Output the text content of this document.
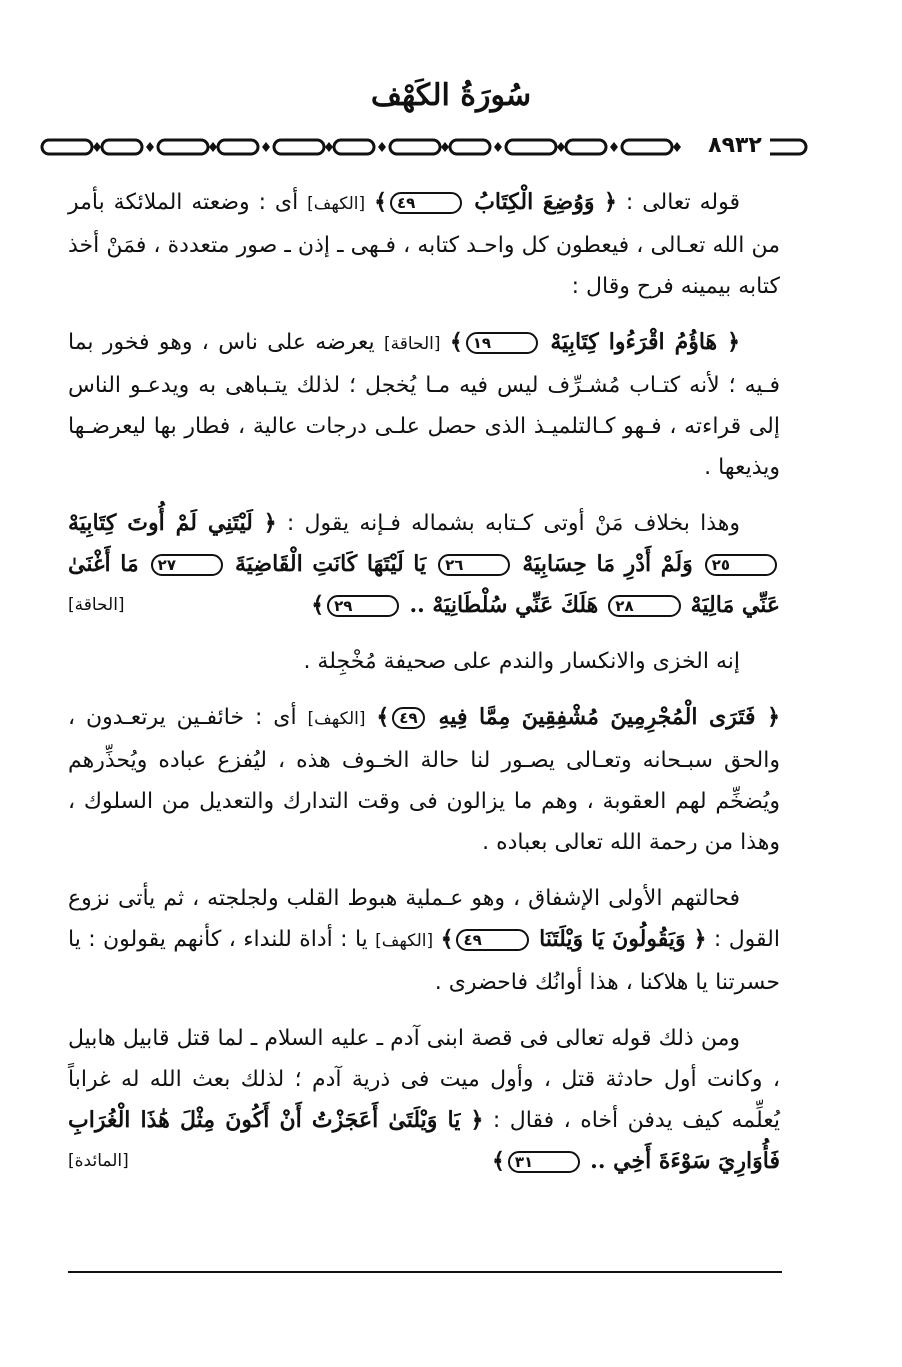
سُورَةُ الكَهْف
٨٩٣٢

قوله تعالى : ﴿ وَوُضِعَ الْكِتَابُ ٤٩﴾ [الكهف] أى : وضعته الملائكة بأمر من الله تعـالى ، فيعطون كل واحـد كتابه ، فـهى ـ إذن ـ صور متعددة ، فمَنْ أخذ كتابه بيمينه فرح وقال :

﴿ هَاؤُمُ اقْرَءُوا كِتَابِيَهْ ١٩﴾ [الحاقة] يعرضه على ناس ، وهو فخور بما فـيه ؛ لأنه كتـاب مُشـرِّف ليس فيه مـا يُخجل ؛ لذلك يتـباهى به ويدعـو الناس إلى قراءته ، فـهو كـالتلميـذ الذى حصل علـى درجات عالية ، فطار بها ليعرضـها ويذيعها .

وهذا بخلاف مَنْ أوتى كـتابه بشماله فـإنه يقول : ﴿ لَيْتَنِي لَمْ أُوتَ كِتَابِيَهْ ٢٥ وَلَمْ أَدْرِ مَا حِسَابِيَهْ ٢٦ يَا لَيْتَهَا كَانَتِ الْقَاضِيَةَ ٢٧ مَا أَغْنَىٰ عَنِّي مَالِيَهْ ٢٨ هَلَكَ عَنِّي سُلْطَانِيَهْ .. ٢٩﴾
[الحاقة]

إنه الخزى والانكسار والندم على صحيفة مُخْجِلة .

﴿ فَتَرَى الْمُجْرِمِينَ مُشْفِقِينَ مِمَّا فِيهِ ٤٩﴾ [الكهف] أى : خائفـين يرتعـدون ، والحق سبـحانه وتعـالى يصـور لنا حالة الخـوف هذه ، ليُفزع عباده ويُحذِّرهم ويُضخِّم لهم العقوبة ، وهم ما يزالون فى وقت التدارك والتعديل من السلوك ، وهذا من رحمة الله تعالى بعباده .

فحالتهم الأولى الإشفاق ، وهو عـملية هبوط القلب ولجلجته ، ثم يأتى نزوع القول : ﴿ وَيَقُولُونَ يَا وَيْلَتَنَا ٤٩﴾ [الكهف] يا : أداة للنداء ، كأنهم يقولون : يا حسرتنا يا هلاكنا ، هذا أوانُك فاحضرى .

ومن ذلك قوله تعالى فى قصة ابنى آدم ـ عليه السلام ـ لما قتل قابيل هابيل ، وكانت أول حادثة قتل ، وأول ميت فى ذرية آدم ؛ لذلك بعث الله له غراباً يُعلِّمه كيف يدفن أخاه ، فقال : ﴿ يَا وَيْلَتَىٰ أَعَجَزْتُ أَنْ أَكُونَ مِثْلَ هَٰذَا الْغُرَابِ فَأُوَارِيَ سَوْءَةَ أَخِي .. ٣١﴾
[المائدة]
